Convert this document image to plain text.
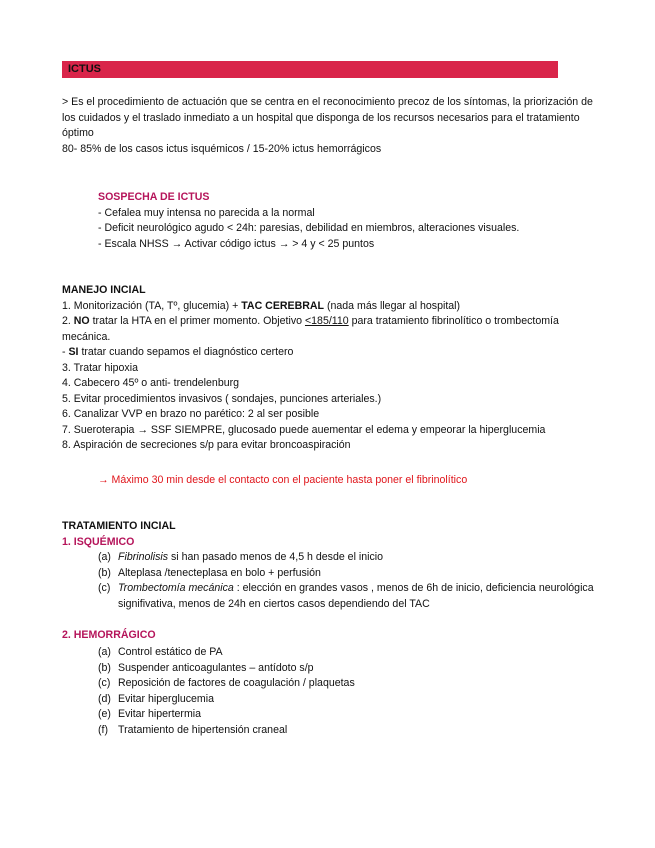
ICTUS
> Es el procedimiento de actuación que se centra en el reconocimiento precoz de los síntomas, la priorización de los cuidados y el traslado inmediato a un hospital que disponga de los recursos necesarios para el tratamiento óptimo
80- 85% de los casos ictus isquémicos / 15-20% ictus hemorrágicos
SOSPECHA DE ICTUS
- Cefalea muy intensa no parecida a la normal
- Deficit neurológico agudo < 24h: paresias, debilidad en miembros, alteraciones visuales.
- Escala NHSS → Activar código ictus → > 4 y < 25 puntos
MANEJO INCIAL
1. Monitorización (TA, Tº, glucemia) + TAC CEREBRAL (nada más llegar al hospital)
2. NO tratar la HTA en el primer momento. Objetivo <185/110 para tratamiento fibrinolítico o trombectomía mecánica.
- SI tratar cuando sepamos el diagnóstico certero
3. Tratar hipoxia
4. Cabecero 45º o anti- trendelenburg
5. Evitar procedimientos invasivos ( sondajes, punciones arteriales.)
6. Canalizar VVP en brazo no parético: 2 al ser posible
7. Sueroterapia → SSF SIEMPRE, glucosado puede auementar el edema y empeorar la hiperglucemia
8. Aspiración de secreciones s/p para evitar broncoaspiración
→ Máximo 30 min desde el contacto con el paciente hasta poner el fibrinolítico
TRATAMIENTO INCIAL
1. ISQUÉMICO
(a) Fibrinolisis si han pasado menos de 4,5 h desde el inicio
(b) Alteplasa /tenecteplasa en bolo + perfusión
(c) Trombectomía mecánica : elección en grandes vasos , menos de 6h de inicio, deficiencia neurológica signifivativa, menos de 24h en ciertos casos dependiendo del TAC
2. HEMORRÁGICO
(a) Control estático de PA
(b) Suspender anticoagulantes – antídoto s/p
(c) Reposición de factores de coagulación / plaquetas
(d) Evitar hiperglucemia
(e) Evitar hipertermia
(f) Tratamiento de hipertensión craneal
